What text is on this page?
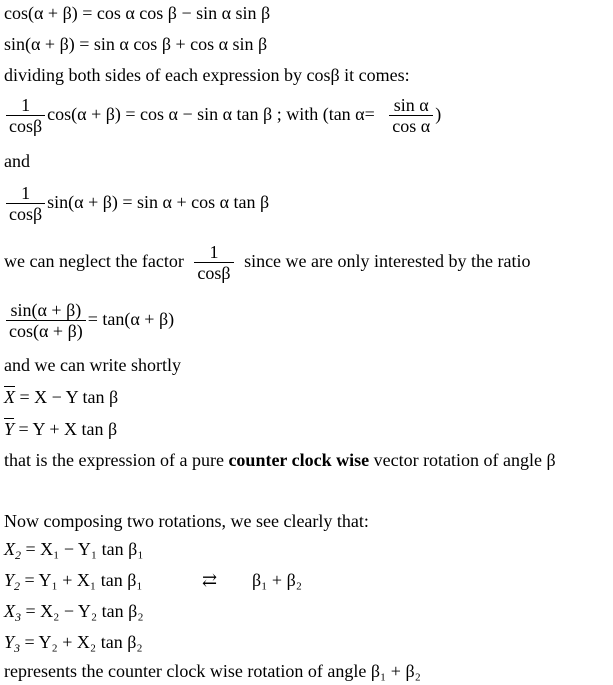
cos(α + β) = cos α cos β − sin α sin β
sin(α + β) = sin α cos β + cos α sin β
dividing both sides of each expression by cosβ it comes:
$\frac{1}{\cos\beta} \cos(\alpha + \beta) = \cos \alpha - \sin \alpha$ tan β ; with (tan $\alpha= \frac{\text{sin α}}{\text{cos α}}$ )
and
$\frac{1}{\cos\beta} \sin(\alpha + \beta) = \sin \alpha + \cos \alpha$ tan β
we can neglect the factor $\frac{1}{\cos\beta}$ since we are only interested by the ratio
$\frac{\sin(\alpha + \beta)}{\cos(\alpha + \beta)} = \tan(\alpha + \beta)$
and we can write shortly
$\overline{X} = X - Y$ tan β
$\overline{Y} = Y + X$ tan β
that is the expression of a pure counter clock wise vector rotation of angle β
Now composing two rotations, we see clearly that:
$X_2 = X_1 - Y_1$ tan β₁
$Y_2 = Y_1 + X_1$ tan β₁	⇄ β₁ + β₂
$X_3 = X_2 - Y_2$ tan β₂
$Y_3 = Y_2 + X_2$ tan β₂
represents the counter clock wise rotation of angle β₁ + β₂
